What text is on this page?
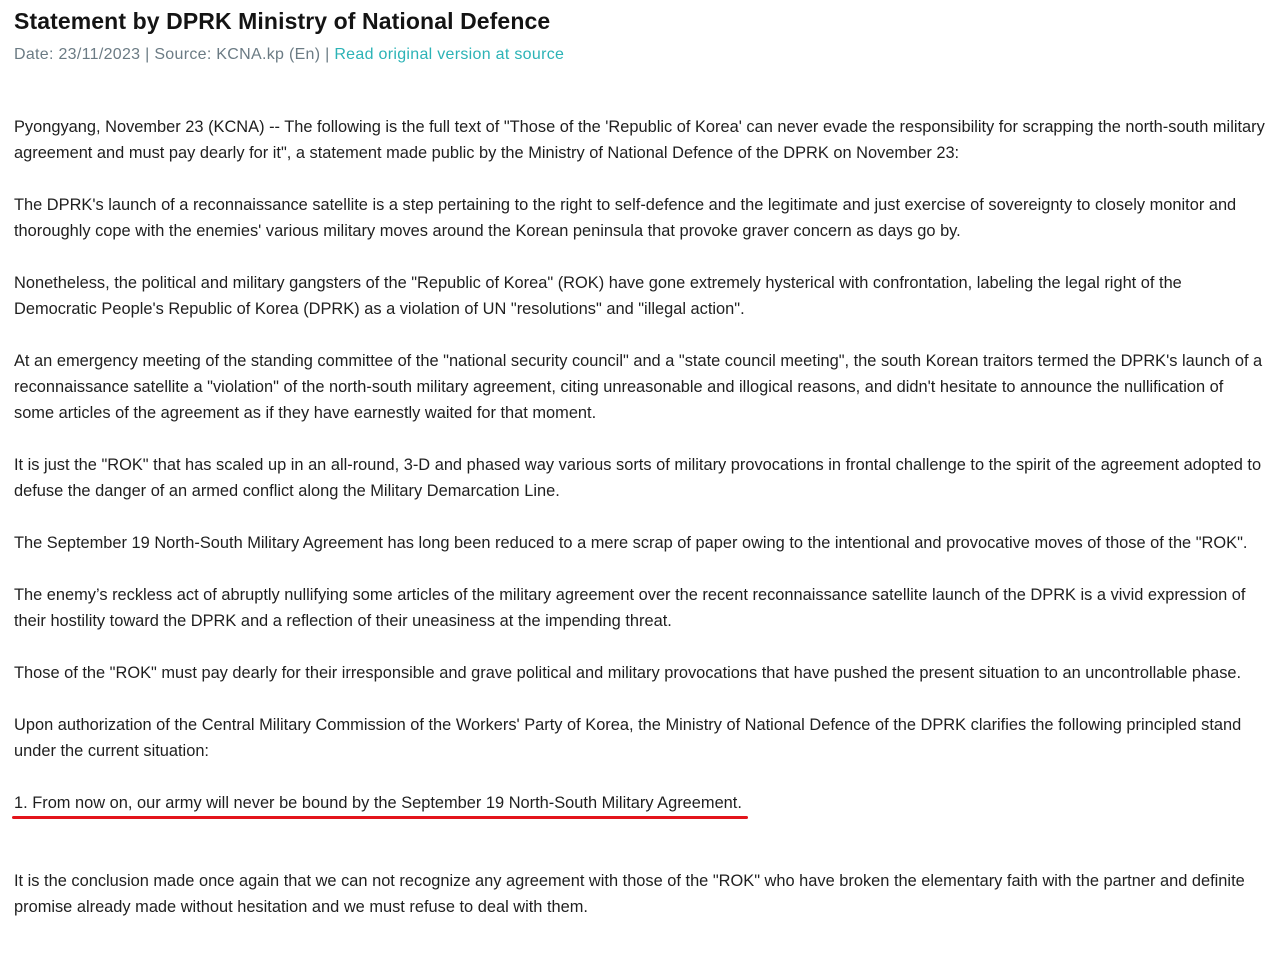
Statement by DPRK Ministry of National Defence
Date: 23/11/2023 | Source: KCNA.kp (En) | Read original version at source

Pyongyang, November 23 (KCNA) -- The following is the full text of "Those of the 'Republic of Korea' can never evade the responsibility for scrapping the north-south military agreement and must pay dearly for it", a statement made public by the Ministry of National Defence of the DPRK on November 23:

The DPRK's launch of a reconnaissance satellite is a step pertaining to the right to self-defence and the legitimate and just exercise of sovereignty to closely monitor and thoroughly cope with the enemies' various military moves around the Korean peninsula that provoke graver concern as days go by.

Nonetheless, the political and military gangsters of the "Republic of Korea" (ROK) have gone extremely hysterical with confrontation, labeling the legal right of the Democratic People's Republic of Korea (DPRK) as a violation of UN "resolutions" and "illegal action".

At an emergency meeting of the standing committee of the "national security council" and a "state council meeting", the south Korean traitors termed the DPRK's launch of a reconnaissance satellite a "violation" of the north-south military agreement, citing unreasonable and illogical reasons, and didn't hesitate to announce the nullification of some articles of the agreement as if they have earnestly waited for that moment.

It is just the "ROK" that has scaled up in an all-round, 3-D and phased way various sorts of military provocations in frontal challenge to the spirit of the agreement adopted to defuse the danger of an armed conflict along the Military Demarcation Line.

The September 19 North-South Military Agreement has long been reduced to a mere scrap of paper owing to the intentional and provocative moves of those of the "ROK".

The enemy’s reckless act of abruptly nullifying some articles of the military agreement over the recent reconnaissance satellite launch of the DPRK is a vivid expression of their hostility toward the DPRK and a reflection of their uneasiness at the impending threat.

Those of the "ROK" must pay dearly for their irresponsible and grave political and military provocations that have pushed the present situation to an uncontrollable phase.

Upon authorization of the Central Military Commission of the Workers' Party of Korea, the Ministry of National Defence of the DPRK clarifies the following principled stand under the current situation:

1. From now on, our army will never be bound by the September 19 North-South Military Agreement.

It is the conclusion made once again that we can not recognize any agreement with those of the "ROK" who have broken the elementary faith with the partner and definite promise already made without hesitation and we must refuse to deal with them.
